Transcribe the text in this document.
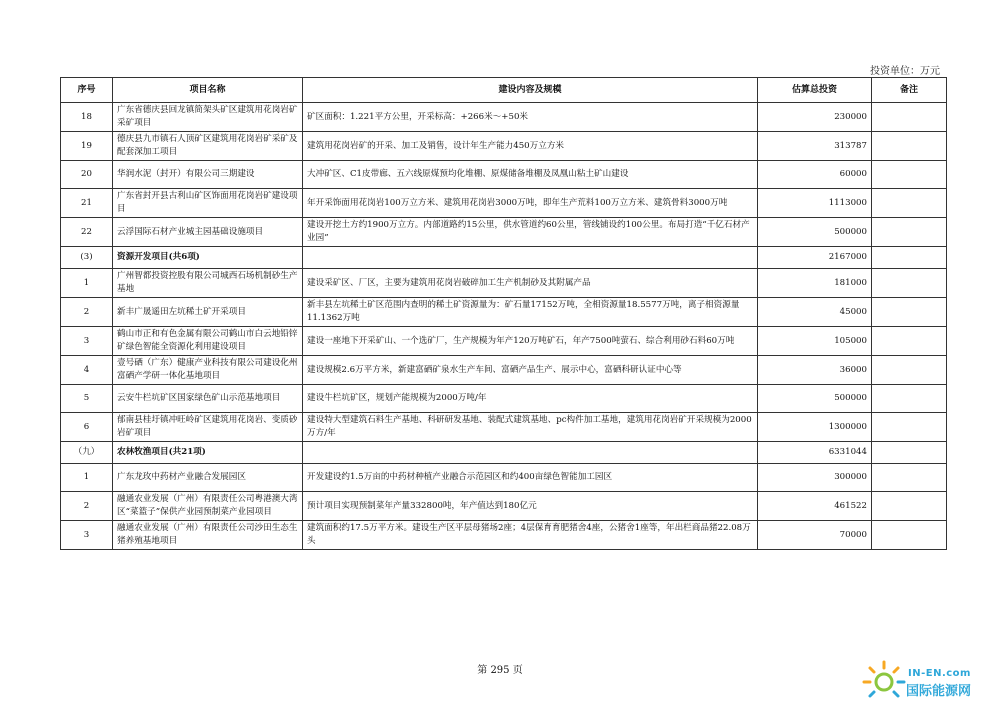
投资单位：万元
序号	项目名称	建设内容及规模	估算总投资	备注
18	广东省德庆县回龙镇简架头矿区建筑用花岗岩矿采矿项目	矿区面积：1.221平方公里，开采标高：+266米～+50米	230000	
19	德庆县九市镇石人顶矿区建筑用花岗岩矿采矿及配套深加工项目	建筑用花岗岩矿的开采、加工及销售，设计年生产能力450万立方米	313787	
20	华润水泥（封开）有限公司三期建设	大冲矿区、C1皮带廊、五六线原煤预均化堆棚、原煤储备堆棚及凤凰山粘土矿山建设	60000	
21	广东省封开县古利山矿区饰面用花岗岩矿建设项目	年开采饰面用花岗岩100万立方米、建筑用花岗岩3000万吨，即年生产荒料100万立方米、建筑骨料3000万吨	1113000	
22	云浮国际石材产业城主园基础设施项目	建设开挖土方约1900万立方。内部道路约15公里，供水管道约60公里，管线铺设约100公里。布局打造“千亿石材产业园”	500000	
(3)	资源开发项目(共6项)		2167000	
1	广州智都投资控股有限公司城西石场机制砂生产基地	建设采矿区、厂区，主要为建筑用花岗岩破碎加工生产机制砂及其附属产品	181000	
2	新丰广晟遥田左坑稀土矿开采项目	新丰县左坑稀土矿区范围内查明的稀土矿资源量为：矿石量17152万吨，全相资源量18.5577万吨，离子相资源量11.1362万吨	45000	
3	鹤山市正和有色金属有限公司鹤山市白云地铅锌矿绿色智能全资源化利用建设项目	建设一座地下开采矿山、一个选矿厂，生产规模为年产120万吨矿石，年产7500吨萤石、综合利用砂石料60万吨	105000	
4	壹号硒（广东）健康产业科技有限公司建设化州富硒产学研一体化基地项目	建设规模2.6万平方米，新建富硒矿泉水生产车间、富硒产品生产、展示中心，富硒科研认证中心等	36000	
5	云安牛栏坑矿区国家绿色矿山示范基地项目	建设牛栏坑矿区，规划产能规模为2000万吨/年	500000	
6	郁南县桂圩镇冲旺岭矿区建筑用花岗岩、变质砂岩矿项目	建设特大型建筑石料生产基地、科研研发基地、装配式建筑基地、pc构件加工基地，建筑用花岗岩矿开采规模为2000万方/年	1300000	
（九）	农林牧渔项目(共21项)		6331044	
1	广东龙玫中药材产业融合发展园区	开发建设约1.5万亩的中药材种植产业融合示范园区和约400亩绿色智能加工园区	300000	
2	融通农业发展（广州）有限责任公司粤港澳大湾区“菜篮子”保供产业园预制菜产业园项目	预计项目实现预制菜年产量332800吨，年产值达到180亿元	461522	
3	融通农业发展（广州）有限责任公司沙田生态生猪养殖基地项目	建筑面积约17.5万平方米。建设生产区平层母猪场2座；4层保育育肥猪舍4座，公猪舍1座等，年出栏商品猪22.08万头	70000	
第 295 页	IN-EN.com
国际能源网
